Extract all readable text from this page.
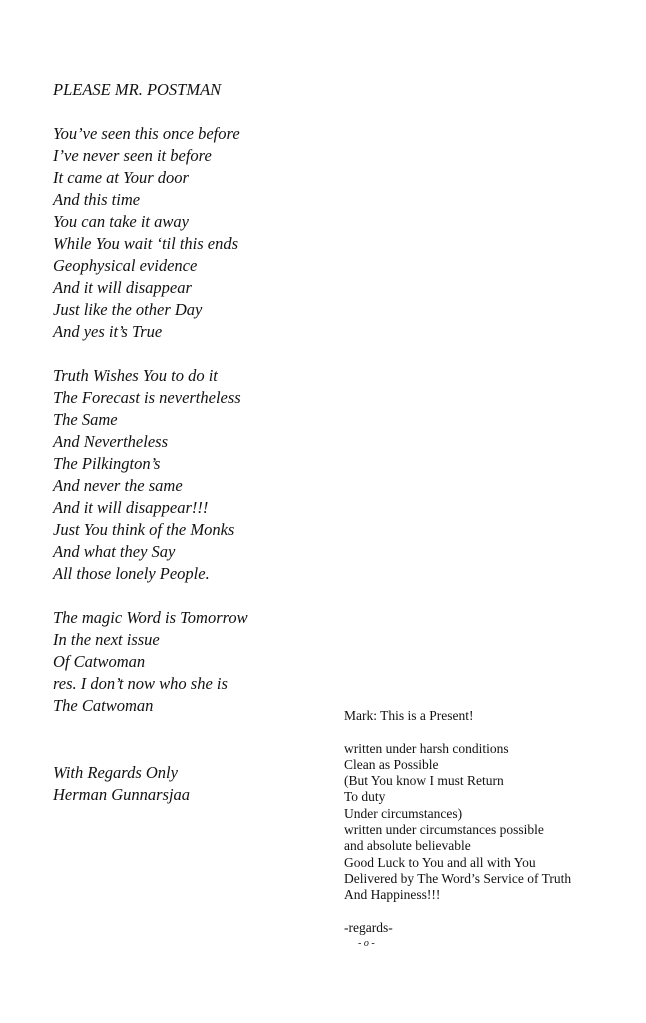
PLEASE MR. POSTMAN
You’ve seen this once before
I’ve never seen it before
It came at Your door
And this time
You can take it away
While You wait ‘til this ends
Geophysical evidence
And it will disappear
Just like the other Day
And yes it’s True
Truth Wishes You to do it
The Forecast is nevertheless
The Same
And Nevertheless
The Pilkington’s
And never the same
And it will disappear!!!
Just You think of the Monks
And what they Say
All those lonely People.
The magic Word is Tomorrow
In the next issue
Of Catwoman
res. I don’t now who she is
The Catwoman
With Regards Only
Herman Gunnarsjaa
Mark: This is a Present!
written under harsh conditions
Clean as Possible
(But You know I must Return
To duty
Under circumstances)
written under circumstances possible
and absolute believable
Good Luck to You and all with You
Delivered by The Word’s Service of Truth
And Happiness!!!
-regards-
- o -
